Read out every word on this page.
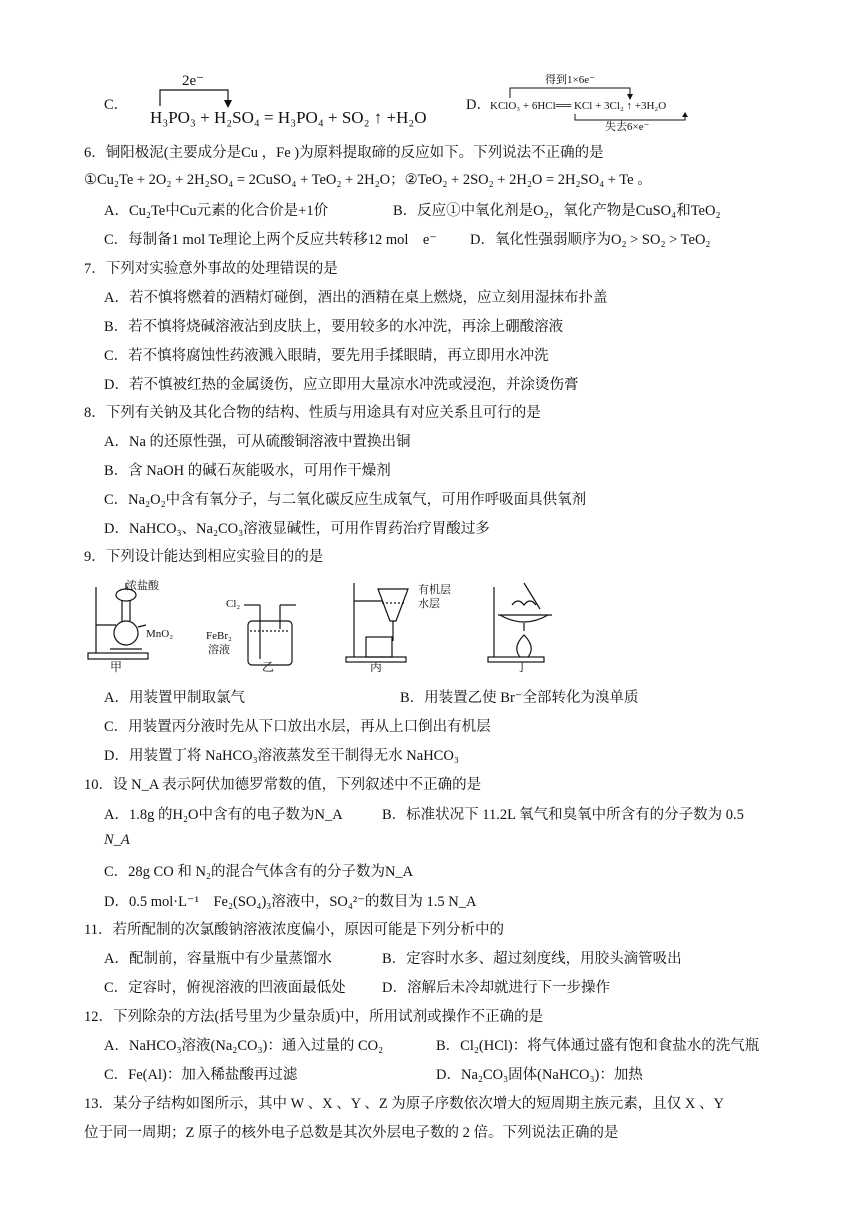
C．
2e⁻
H₃PO₃ + H₂SO₄ = H₃PO₄ + SO₂ ↑ +H₂O
D．
得到1×6e⁻
KClO₃ + 6HCl══ KCl + 3Cl₂ ↑ +3H₂O
失去6×e⁻
6．铜阳极泥(主要成分是Cu ，Fe )为原料提取碲的反应如下。下列说法不正确的是
①Cu₂Te + 2O₂ + 2H₂SO₄ = 2CuSO₄ + TeO₂ + 2H₂O；②TeO₂ + 2SO₂ + 2H₂O = 2H₂SO₄ + Te 。
A．Cu₂Te中Cu元素的化合价是+1价	B．反应①中氧化剂是O₂，氧化产物是CuSO₄和TeO₂
C．每制备1 mol Te理论上两个反应共转移12 mol　e⁻ D．氧化性强弱顺序为O₂ > SO₂ > TeO₂
7．下列对实验意外事故的处理错误的是
A．若不慎将燃着的酒精灯碰倒，酒出的酒精在桌上燃烧，应立刻用湿抹布扑盖
B．若不慎将烧碱溶液沾到皮肤上，要用较多的水冲洗，再涂上硼酸溶液
C．若不慎将腐蚀性药液溅入眼睛，要先用手揉眼睛，再立即用水冲洗
D．若不慎被红热的金属烫伤，应立即用大量凉水冲洗或浸泡，并涂烫伤膏
8．下列有关钠及其化合物的结构、性质与用途具有对应关系且可行的是
A．Na 的还原性强，可从硫酸铜溶液中置换出铜
B．含 NaOH 的碱石灰能吸水，可用作干燥剂
C．Na₂O₂中含有氧分子，与二氧化碳反应生成氧气，可用作呼吸面具供氧剂
D．NaHCO₃、Na₂CO₃溶液显碱性，可用作胃药治疗胃酸过多
9．下列设计能达到相应实验目的的是
浓盐酸
MnO₂
甲
Cl₂
FeBr₂
溶液
乙
有机层
水层
丙	丁
A．用装置甲制取氯气	B．用装置乙使 Br⁻全部转化为溴单质
C．用装置丙分液时先从下口放出水层，再从上口倒出有机层
D．用装置丁将 NaHCO₃溶液蒸发至干制得无水 NaHCO₃
10．设 N_A 表示阿伏加德罗常数的值，下列叙述中不正确的是
A．1.8g 的H₂O中含有的电子数为N_A	B．标准状况下 11.2L 氧气和臭氧中所含有的分子数为 0.5
N_A
C．28g CO 和 N₂的混合气体含有的分子数为N_A
D．0.5 mol·L⁻¹　Fe₂(SO₄)₃溶液中，SO₄²⁻的数目为 1.5 N_A
11．若所配制的次氯酸钠溶液浓度偏小，原因可能是下列分析中的
A．配制前，容量瓶中有少量蒸馏水	B．定容时水多、超过刻度线，用胶头滴管吸出
C．定容时，俯视溶液的凹液面最低处	D．溶解后未冷却就进行下一步操作
12．下列除杂的方法(括号里为少量杂质)中，所用试剂或操作不正确的是
A．NaHCO₃溶液(Na₂CO₃)：通入过量的 CO₂	B．Cl₂(HCl)：将气体通过盛有饱和食盐水的洗气瓶
C．Fe(Al)：加入稀盐酸再过滤	D．Na₂CO₃固体(NaHCO₃)：加热
13．某分子结构如图所示，其中 W 、X 、Y 、Z 为原子序数依次增大的短周期主族元素，且仅 X 、Y
位于同一周期；Z 原子的核外电子总数是其次外层电子数的 2 倍。下列说法正确的是
